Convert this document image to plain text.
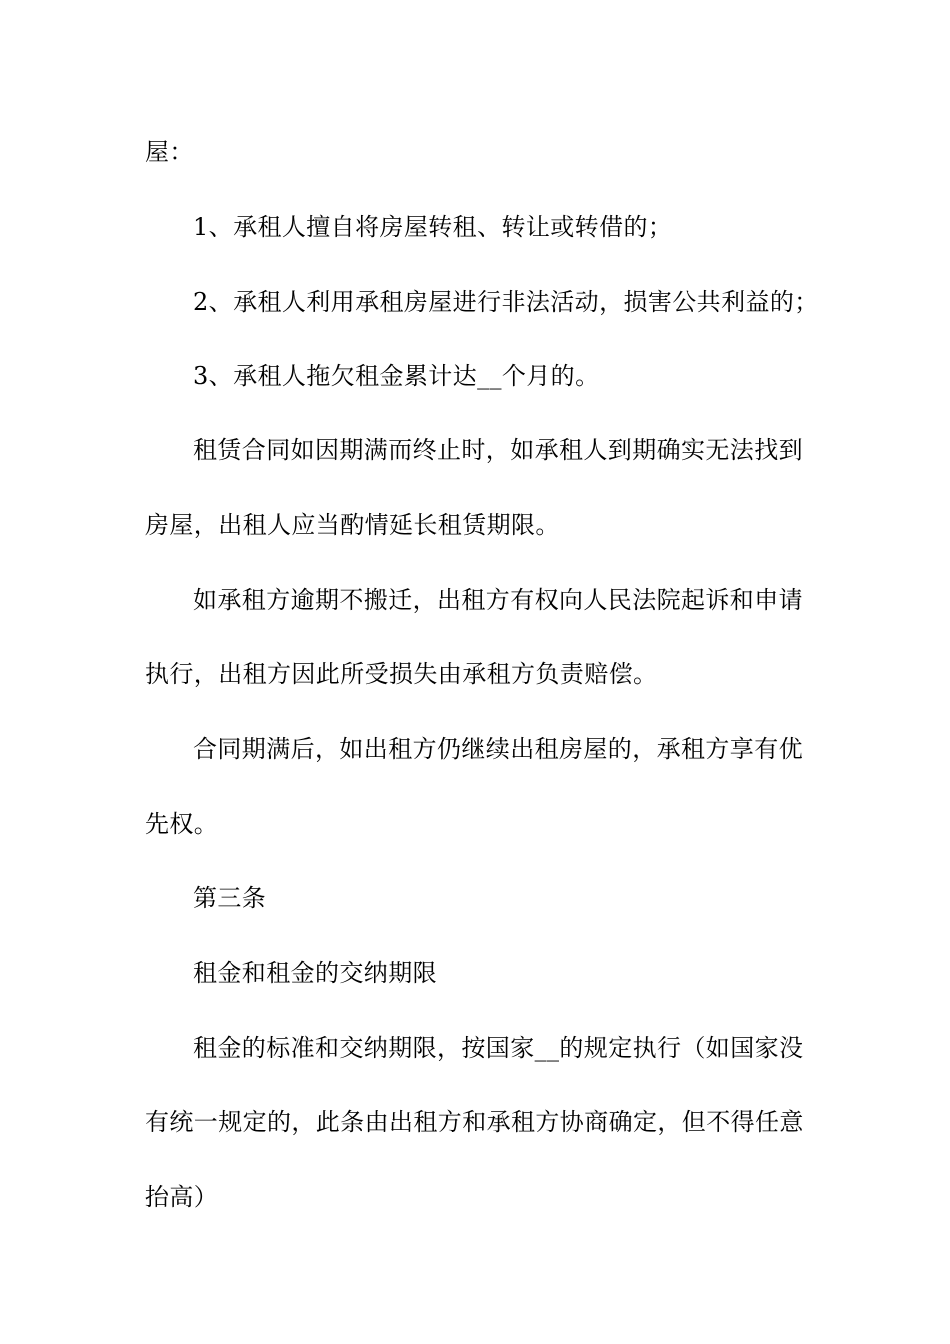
屋：
1、承租人擅自将房屋转租、转让或转借的；
2、承租人利用承租房屋进行非法活动，损害公共利益的；
3、承租人拖欠租金累计达__个月的。
租赁合同如因期满而终止时，如承租人到期确实无法找到
房屋，出租人应当酌情延长租赁期限。
如承租方逾期不搬迁，出租方有权向人民法院起诉和申请
执行，出租方因此所受损失由承租方负责赔偿。
合同期满后，如出租方仍继续出租房屋的，承租方享有优
先权。
第三条
租金和租金的交纳期限
租金的标准和交纳期限，按国家__的规定执行（如国家没
有统一规定的，此条由出租方和承租方协商确定，但不得任意
抬高）
